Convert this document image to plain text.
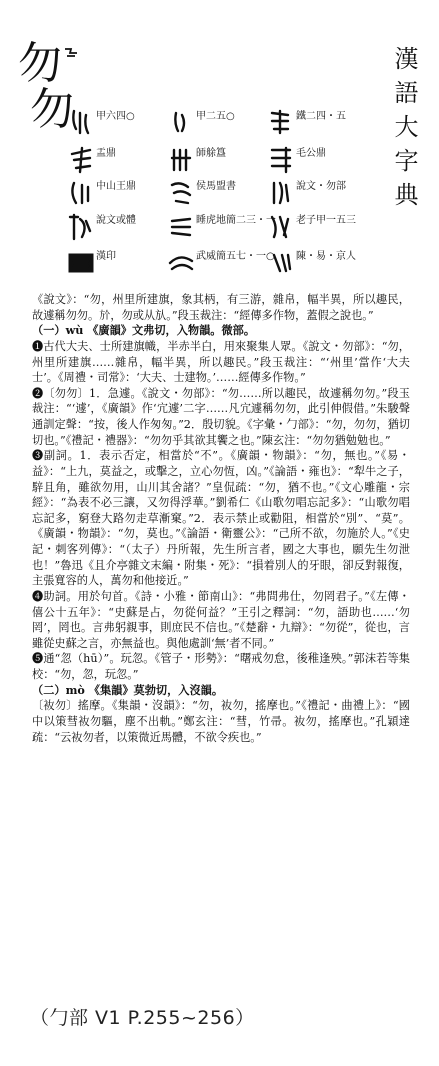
勿
勿
漢語大字典
甲六四○	甲二五○	鐵二四・五
盂鼎	師艅簋	毛公鼎
中山王鼎	侯馬盟書	說文・勿部
說文或體	睡虎地簡二三・一	老子甲一五三
漢印	武威簡五七・一○	陳・易・京人

《說文》：“勿，州里所建旗，象其柄，有三游，雜帛，幅半異，所以趣民，故遽稱勿勿。𣃘，勿或从㫃。”段玉裁注：“經傳多作物，蓋假之說也。”

（一）wù 《廣韻》文弗切，入物韻。微部。

❶古代大夫、士所建旗幟，半赤半白，用來聚集人眾。《說文・勿部》：“勿，州里所建旗……雜帛，幅半異，所以趣民。”段玉裁注：“‘州里’當作‘大夫士’。《周禮・司常》：‘大夫、士建物。’……經傳多作物。”

❷〔勿勿〕1．急遽。《說文・勿部》：“勿……所以趣民，故遽稱勿勿。”段玉裁注：“‘遽’，《廣韻》作‘宂遽’二字……凡宂遽稱勿勿，此引伸假借。”朱駿聲通訓定聲：“按，後人作匆匆。”2．殷切貌。《字彙・勹部》：“勿，勿勿，猶切切也。”《禮記・禮器》：“勿勿乎其欲其饗之也。”陳玄注：“勿勿猶勉勉也。”

❸副詞。1．表示否定，相當於“不”。《廣韻・物韻》：“勿，無也。”《易・益》：“上九，莫益之，或擊之，立心勿恆，凶。”《論語・雍也》：“犁牛之子，騂且角，雖欲勿用，山川其舍諸？”皇侃疏：“勿，猶不也。”《文心雕龍・宗經》：“為表不必三讓，又勿得浮華。”劉希仁《山歌勿唱忘記多》：“山歌勿唱忘記多，窮登大路勿走草漸窠。”2．表示禁止或勸阻，相當於“別”、“莫”。《廣韻・物韻》：“勿，莫也。”《論語・衛靈公》：“己所不欲，勿施於人。”《史記・刺客列傳》：“（太子）丹所報，先生所言者，國之大事也，願先生勿泄也！”魯迅《且介亭雜文末編・附集・死》：“損着別人的牙眼，卻反對報復，主張寬容的人，萬勿和他接近。”

❹助詞。用於句首。《詩・小雅・節南山》：“弗問弗仕，勿罔君子。”《左傳・僖公十五年》：“史蘇是占，勿從何益？”王引之釋詞：“勿，語助也……‘勿罔’，罔也。言弗躬親事，則庶民不信也。”《楚辭・九辯》：“勿從”，從也，言雖從史蘇之言，亦無益也。與他處訓‘無’者不同。”

❺通“忽（hū）”。玩忽。《管子・形勢》：“曙戒勿怠，後稚逢殃。”郭沫若等集校：“勿，忽，玩忽。”

（二）mò 《集韻》莫勃切，入沒韻。

〔䘠勿〕搖摩。《集韻・沒韻》：“勿，䘠勿，搖摩也。”《禮記・曲禮上》：“國中以策彗䘠勿驅，塵不出軌。”鄭玄注：“彗，竹帚。䘠勿，搖摩也。”孔穎達疏：“云䘠勿者，以策微近馬體，不欲令疾也。”

（勹部 V1 P.255~256）
